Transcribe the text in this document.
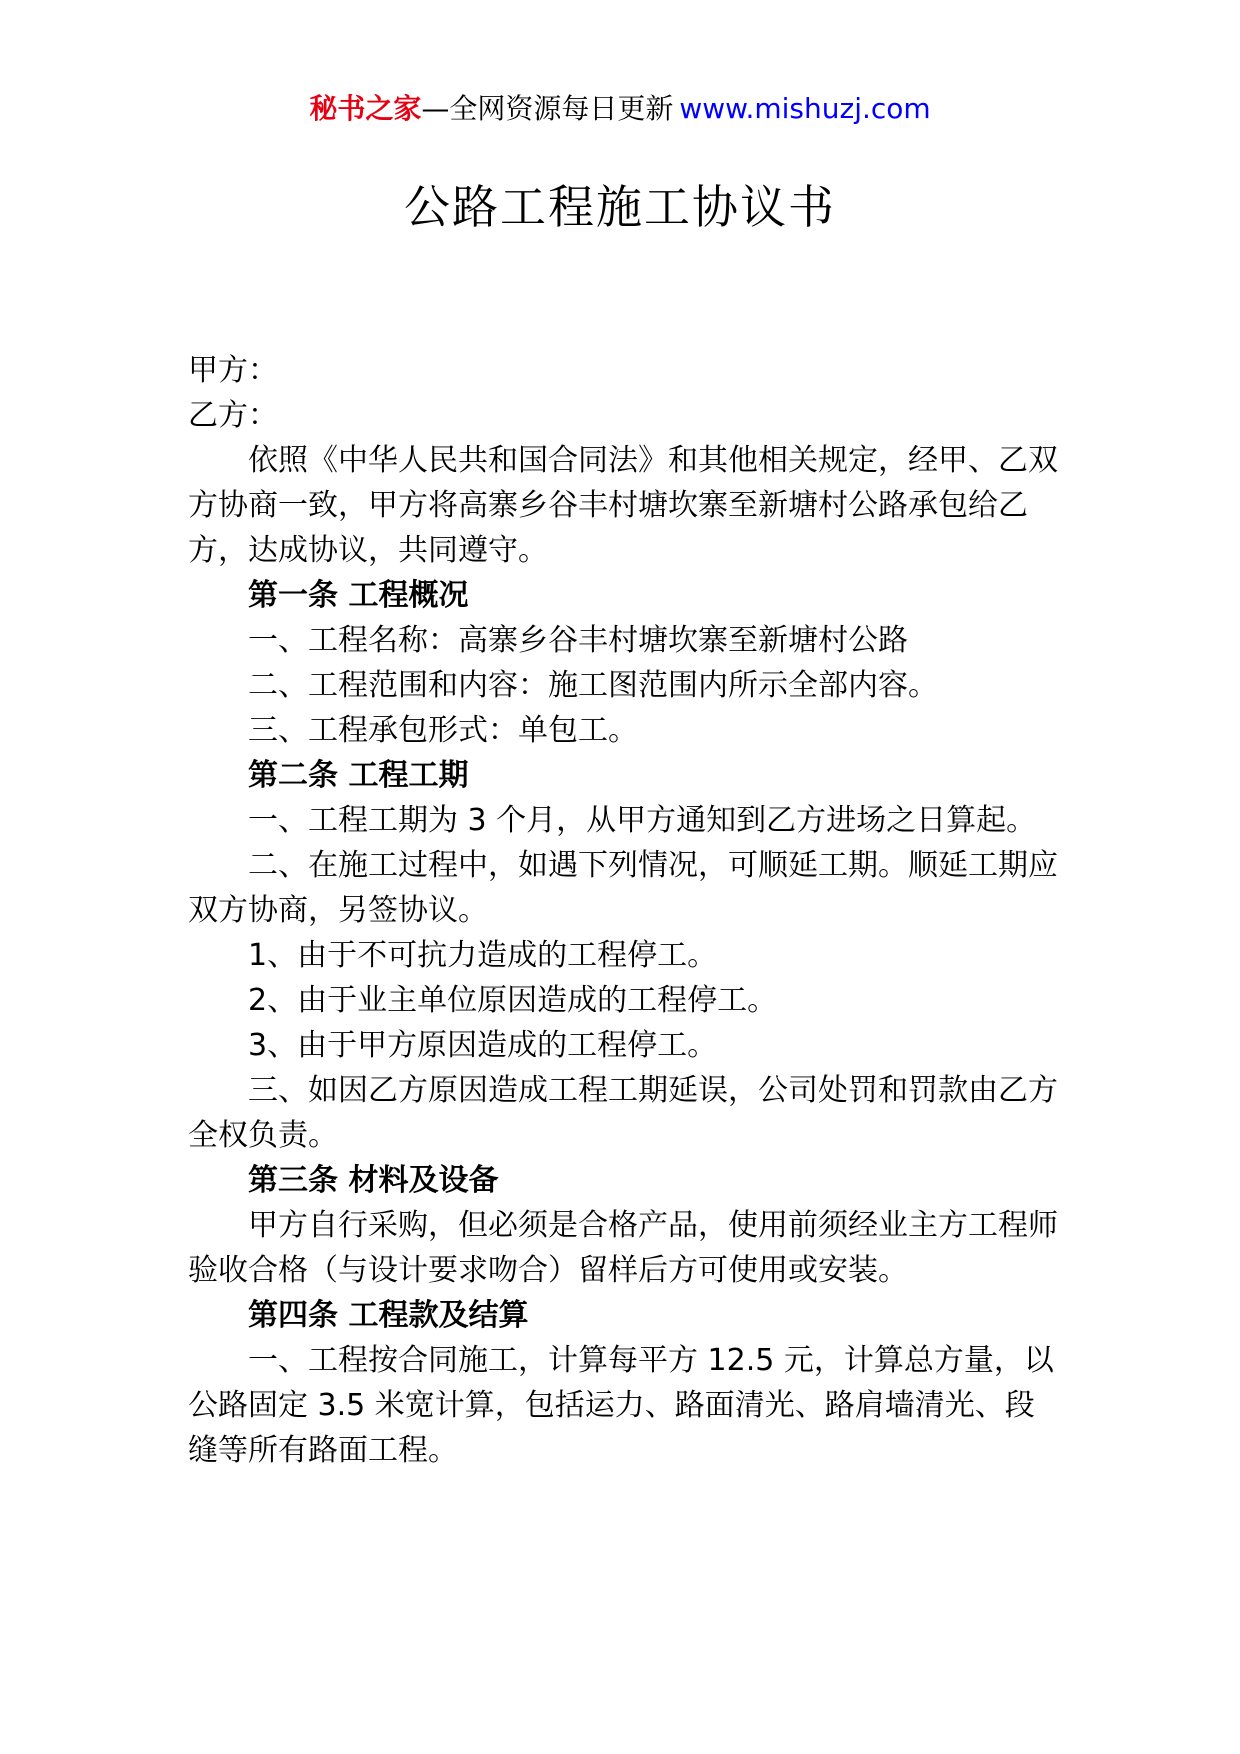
秘书之家—全网资源每日更新 www.mishuzj.com
公路工程施工协议书

甲方：

乙方：

依照《中华人民共和国合同法》和其他相关规定，经甲、乙双方协商一致，甲方将高寨乡谷丰村塘坎寨至新塘村公路承包给乙方，达成协议，共同遵守。

第一条 工程概况

一、工程名称：高寨乡谷丰村塘坎寨至新塘村公路

二、工程范围和内容：施工图范围内所示全部内容。

三、工程承包形式：单包工。

第二条 工程工期

一、工程工期为 3 个月，从甲方通知到乙方进场之日算起。

二、在施工过程中，如遇下列情况，可顺延工期。顺延工期应双方协商，另签协议。

1、由于不可抗力造成的工程停工。

2、由于业主单位原因造成的工程停工。

3、由于甲方原因造成的工程停工。

三、如因乙方原因造成工程工期延误，公司处罚和罚款由乙方全权负责。

第三条 材料及设备

甲方自行采购，但必须是合格产品，使用前须经业主方工程师验收合格（与设计要求吻合）留样后方可使用或安装。

第四条 工程款及结算

一、工程按合同施工，计算每平方 12.5 元，计算总方量，以公路固定 3.5 米宽计算，包括运力、路面清光、路肩墙清光、段缝等所有路面工程。
